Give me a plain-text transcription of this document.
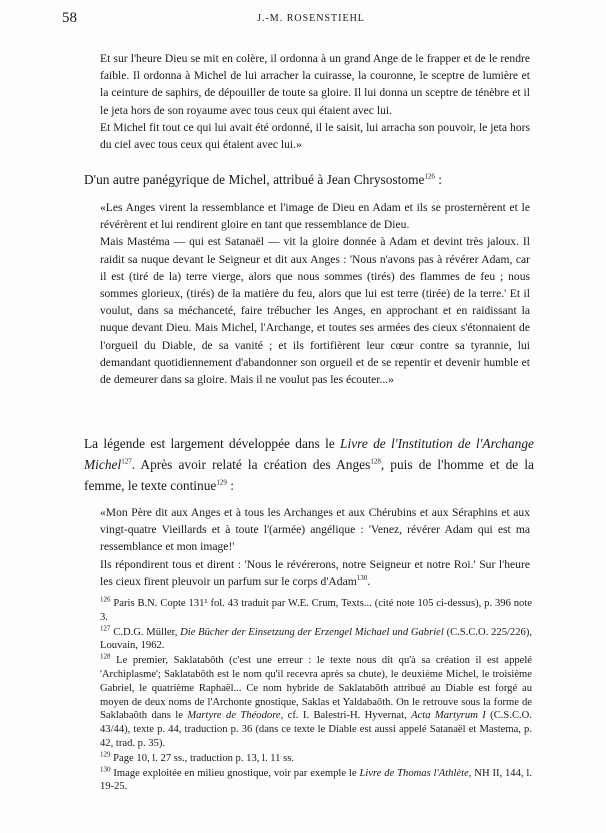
58	J.-M. ROSENSTIEHL

Et sur l'heure Dieu se mit en colère, il ordonna à un grand Ange de le frapper et de le rendre faible. Il ordonna à Michel de lui arracher la cuirasse, la couronne, le sceptre de lumière et la ceinture de saphirs, de dépouiller de toute sa gloire. Il lui donna un sceptre de ténèbre et il le jeta hors de son royaume avec tous ceux qui étaient avec lui.

Et Michel fit tout ce qui lui avait été ordonné, il le saisit, lui arracha son pouvoir, le jeta hors du ciel avec tous ceux qui étaient avec lui.»

D'un autre panégyrique de Michel, attribué à Jean Chrysostome$^{126}$ :

«Les Anges virent la ressemblance et l'image de Dieu en Adam et ils se prosternèrent et le révérèrent et lui rendirent gloire en tant que ressemblance de Dieu.

Mais Mastéma — qui est Satanaël — vit la gloire donnée à Adam et devint très jaloux. Il raidit sa nuque devant le Seigneur et dit aux Anges : 'Nous n'avons pas à révérer Adam, car il est (tiré de la) terre vierge, alors que nous sommes (tirés) des flammes de feu ; nous sommes glorieux, (tirés) de la matière du feu, alors que lui est terre (tirée) de la terre.' Et il voulut, dans sa méchanceté, faire trébucher les Anges, en approchant et en raidissant la nuque devant Dieu. Mais Michel, l'Archange, et toutes ses armées des cieux s'étonnaient de l'orgueil du Diable, de sa vanité ; et ils fortifièrent leur cœur contre sa tyrannie, lui demandant quotidiennement d'abandonner son orgueil et de se repentir et devenir humble et de demeurer dans sa gloire. Mais il ne voulut pas les écouter...»

La légende est largement développée dans le Livre de l'Institution de l'Archange Michel$^{127}$. Après avoir relaté la création des Anges$^{128}$, puis de l'homme et de la femme, le texte continue$^{129}$ :

«Mon Père dit aux Anges et à tous les Archanges et aux Chérubins et aux Séraphins et aux vingt-quatre Vieillards et à toute l'(armée) angélique : 'Venez, révérer Adam qui est ma ressemblance et mon image!'

Ils répondirent tous et dirent : 'Nous le révérerons, notre Seigneur et notre Roi.' Sur l'heure les cieux firent pleuvoir un parfum sur le corps d'Adam$^{130}$.

$^{126}$ Paris B.N. Copte 131¹ fol. 43 traduit par W.E. Crum, Texts... (cité note 105 ci-dessus), p. 396 note 3.

$^{127}$ C.D.G. Müller, Die Bücher der Einsetzung der Erzengel Michael und Gabriel (C.S.C.O. 225/226), Louvain, 1962.

$^{128}$ Le premier, Saklatabôth (c'est une erreur : le texte nous dit qu'à sa création il est appelé 'Archiplasme'; Saklatabôth est le nom qu'il recevra après sa chute), le deuxième Michel, le troisième Gabriel, le quatrième Raphaël... Ce nom hybride de Saklatabôth attribué au Diable est forgé au moyen de deux noms de l'Archonte gnostique, Saklas et Yaldabaôth. On le retrouve sous la forme de Saklabaôth dans le Martyre de Théodore, cf. I. Balestri-H. Hyvernat, Acta Martyrum I (C.S.C.O. 43/44), texte p. 44, traduction p. 36 (dans ce texte le Diable est aussi appelé Satanaël et Mastema, p. 42, trad. p. 35).

$^{129}$ Page 10, l. 27 ss., traduction p. 13, l. 11 ss.

$^{130}$ Image exploitée en milieu gnostique, voir par exemple le Livre de Thomas l'Athlète, NH II, 144, l. 19-25.
